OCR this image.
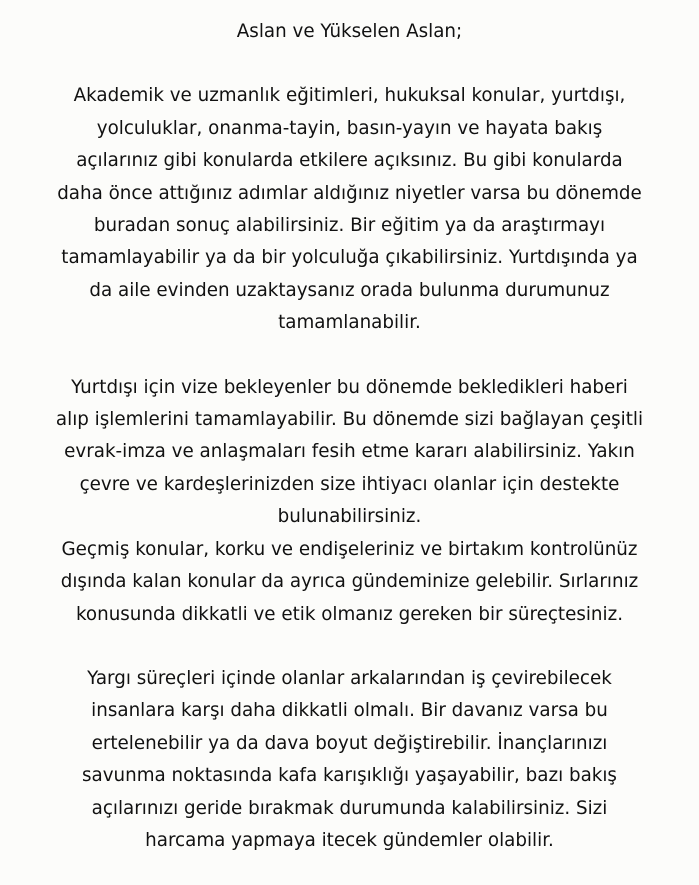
Aslan ve Yükselen Aslan;

Akademik ve uzmanlık eğitimleri, hukuksal konular, yurtdışı,
yolculuklar, onanma-tayin, basın-yayın ve hayata bakış
açılarınız gibi konularda etkilere açıksınız. Bu gibi konularda
daha önce attığınız adımlar aldığınız niyetler varsa bu dönemde
buradan sonuç alabilirsiniz. Bir eğitim ya da araştırmayı
tamamlayabilir ya da bir yolculuğa çıkabilirsiniz. Yurtdışında ya
da aile evinden uzaktaysanız orada bulunma durumunuz
tamamlanabilir.

Yurtdışı için vize bekleyenler bu dönemde bekledikleri haberi
alıp işlemlerini tamamlayabilir. Bu dönemde sizi bağlayan çeşitli
evrak-imza ve anlaşmaları fesih etme kararı alabilirsiniz. Yakın
çevre ve kardeşlerinizden size ihtiyacı olanlar için destekte
bulunabilirsiniz.

Geçmiş konular, korku ve endişeleriniz ve birtakım kontrolünüz
dışında kalan konular da ayrıca gündeminize gelebilir. Sırlarınız
konusunda dikkatli ve etik olmanız gereken bir süreçtesiniz.

Yargı süreçleri içinde olanlar arkalarından iş çevirebilecek
insanlara karşı daha dikkatli olmalı. Bir davanız varsa bu
ertelenebilir ya da dava boyut değiştirebilir. İnançlarınızı
savunma noktasında kafa karışıklığı yaşayabilir, bazı bakış
açılarınızı geride bırakmak durumunda kalabilirsiniz. Sizi
harcama yapmaya itecek gündemler olabilir.
